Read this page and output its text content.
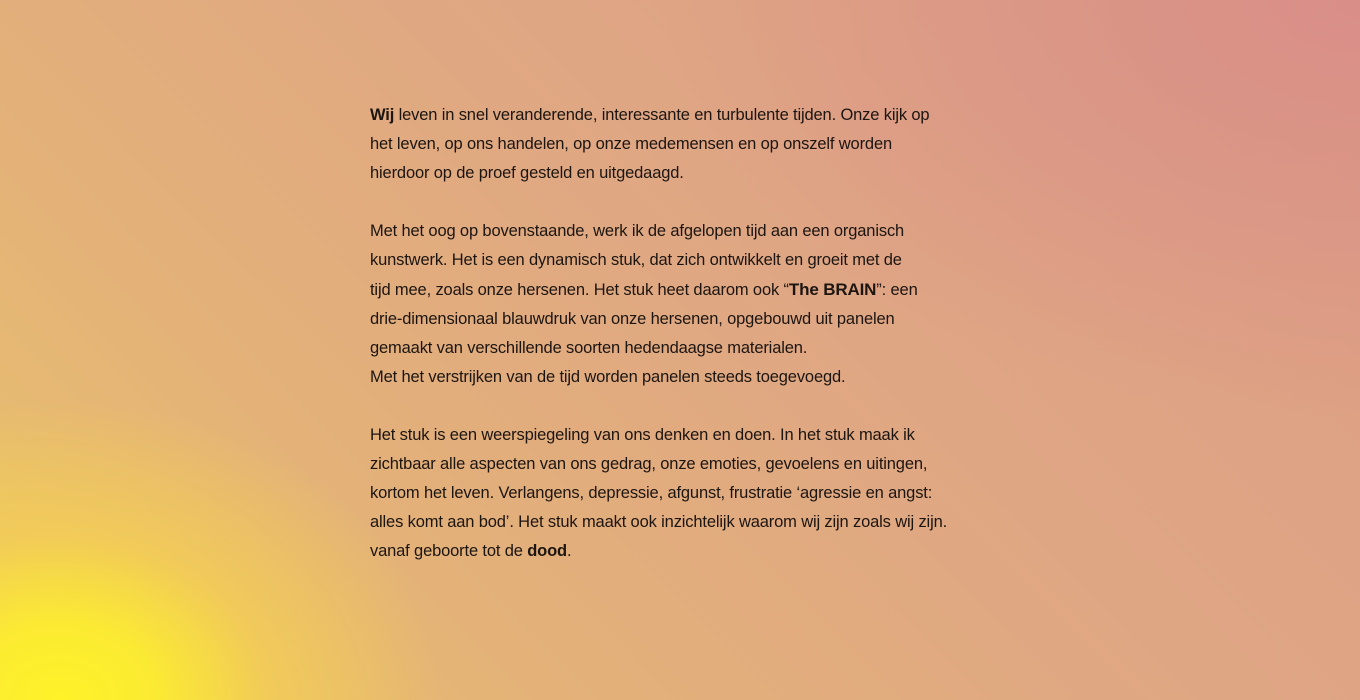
Wij leven in snel veranderende, interessante en turbulente tijden. Onze kijk op
het leven, op ons handelen, op onze medemensen en op onszelf worden
hierdoor op de proef gesteld en uitgedaagd.

Met het oog op bovenstaande, werk ik de afgelopen tijd aan een organisch
kunstwerk. Het is een dynamisch stuk, dat zich ontwikkelt en groeit met de
tijd mee, zoals onze hersenen. Het stuk heet daarom ook “The BRAIN”: een
drie-dimensionaal blauwdruk van onze hersenen, opgebouwd uit panelen
gemaakt van verschillende soorten hedendaagse materialen.
Met het verstrijken van de tijd worden panelen steeds toegevoegd.

Het stuk is een weerspiegeling van ons denken en doen. In het stuk maak ik
zichtbaar alle aspecten van ons gedrag, onze emoties, gevoelens en uitingen,
kortom het leven. Verlangens, depressie, afgunst, frustratie ‘agressie en angst:
alles komt aan bod’. Het stuk maakt ook inzichtelijk waarom wij zijn zoals wij zijn.
vanaf geboorte tot de dood.
